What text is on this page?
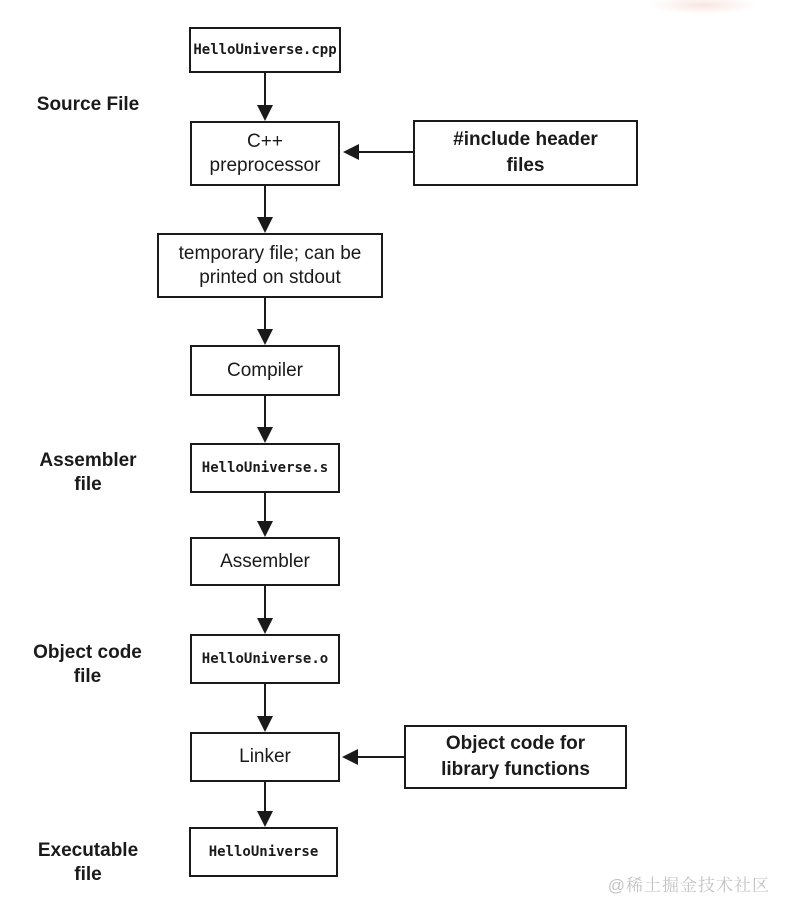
Source File
Assembler
file
Object code
file
Executable
file
HelloUniverse.cpp
C++
preprocessor
temporary file; can be
printed on stdout
Compiler
HelloUniverse.s
Assembler
HelloUniverse.o
Linker
HelloUniverse
#include header
files
Object code for
library functions
@稀土掘金技术社区
